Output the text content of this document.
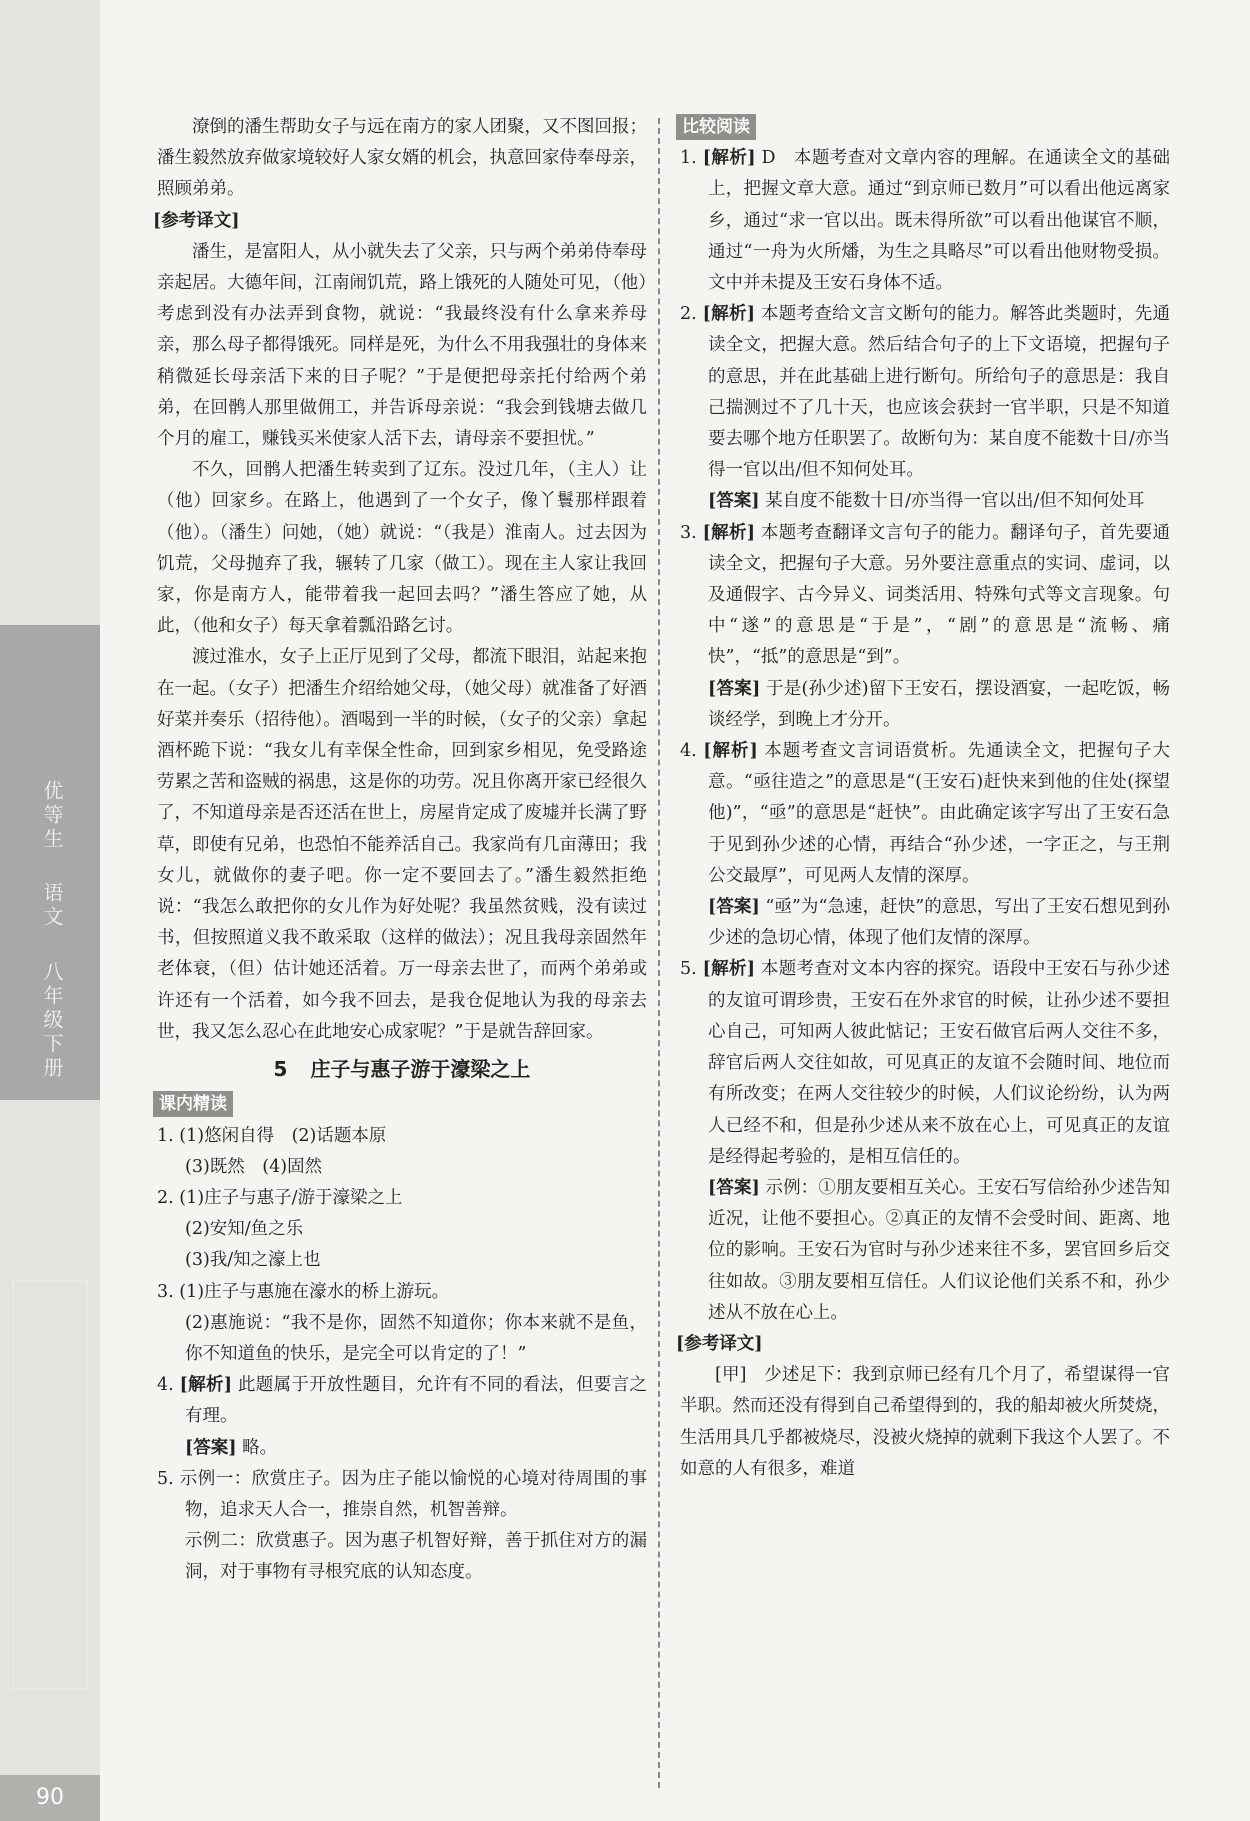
优等生 语文 八年级下册
90

潦倒的潘生帮助女子与远在南方的家人团聚，又不图回报；潘生毅然放弃做家境较好人家女婿的机会，执意回家侍奉母亲，照顾弟弟。

[参考译文]

潘生，是富阳人，从小就失去了父亲，只与两个弟弟侍奉母亲起居。大德年间，江南闹饥荒，路上饿死的人随处可见，（他）考虑到没有办法弄到食物，就说：“我最终没有什么拿来养母亲，那么母子都得饿死。同样是死，为什么不用我强壮的身体来稍微延长母亲活下来的日子呢？”于是便把母亲托付给两个弟弟，在回鹘人那里做佣工，并告诉母亲说：“我会到钱塘去做几个月的雇工，赚钱买米使家人活下去，请母亲不要担忧。”

不久，回鹘人把潘生转卖到了辽东。没过几年，（主人）让（他）回家乡。在路上，他遇到了一个女子，像丫鬟那样跟着（他）。（潘生）问她，（她）就说：“（我是）淮南人。过去因为饥荒，父母抛弃了我，辗转了几家（做工）。现在主人家让我回家，你是南方人，能带着我一起回去吗？”潘生答应了她，从此，（他和女子）每天拿着瓢沿路乞讨。

渡过淮水，女子上正厅见到了父母，都流下眼泪，站起来抱在一起。（女子）把潘生介绍给她父母，（她父母）就准备了好酒好菜并奏乐（招待他）。酒喝到一半的时候，（女子的父亲）拿起酒杯跪下说：“我女儿有幸保全性命，回到家乡相见，免受路途劳累之苦和盗贼的祸患，这是你的功劳。况且你离开家已经很久了，不知道母亲是否还活在世上，房屋肯定成了废墟并长满了野草，即使有兄弟，也恐怕不能养活自己。我家尚有几亩薄田；我女儿，就做你的妻子吧。你一定不要回去了。”潘生毅然拒绝说：“我怎么敢把你的女儿作为好处呢？我虽然贫贱，没有读过书，但按照道义我不敢采取（这样的做法）；况且我母亲固然年老体衰，（但）估计她还活着。万一母亲去世了，而两个弟弟或许还有一个活着，如今我不回去，是我仓促地认为我的母亲去世，我又怎么忍心在此地安心成家呢？”于是就告辞回家。

5 庄子与惠子游于濠梁之上
课内精读

1. (1)悠闲自得　(2)话题本原

(3)既然　(4)固然

2. (1)庄子与惠子/游于濠梁之上

(2)安知/鱼之乐

(3)我/知之濠上也

3. (1)庄子与惠施在濠水的桥上游玩。

(2)惠施说：“我不是你，固然不知道你；你本来就不是鱼，你不知道鱼的快乐，是完全可以肯定的了！”

4. [解析] 此题属于开放性题目，允许有不同的看法，但要言之有理。

[答案] 略。

5. 示例一：欣赏庄子。因为庄子能以愉悦的心境对待周围的事物，追求天人合一，推崇自然，机智善辩。

示例二：欣赏惠子。因为惠子机智好辩，善于抓住对方的漏洞，对于事物有寻根究底的认知态度。

比较阅读

1. [解析] D　本题考查对文章内容的理解。在通读全文的基础上，把握文章大意。通过“到京师已数月”可以看出他远离家乡，通过“求一官以出。既未得所欲”可以看出他谋官不顺，通过“一舟为火所燔，为生之具略尽”可以看出他财物受损。文中并未提及王安石身体不适。

2. [解析] 本题考查给文言文断句的能力。解答此类题时，先通读全文，把握大意。然后结合句子的上下文语境，把握句子的意思，并在此基础上进行断句。所给句子的意思是：我自己揣测过不了几十天，也应该会获封一官半职，只是不知道要去哪个地方任职罢了。故断句为：某自度不能数十日/亦当得一官以出/但不知何处耳。

[答案] 某自度不能数十日/亦当得一官以出/但不知何处耳

3. [解析] 本题考查翻译文言句子的能力。翻译句子，首先要通读全文，把握句子大意。另外要注意重点的实词、虚词，以及通假字、古今异义、词类活用、特殊句式等文言现象。句中“遂”的意思是“于是”，“剧”的意思是“流畅、痛快”，“抵”的意思是“到”。

[答案] 于是(孙少述)留下王安石，摆设酒宴，一起吃饭，畅谈经学，到晚上才分开。

4. [解析] 本题考查文言词语赏析。先通读全文，把握句子大意。“亟往造之”的意思是“(王安石)赶快来到他的住处(探望他)”，“亟”的意思是“赶快”。由此确定该字写出了王安石急于见到孙少述的心情，再结合“孙少述，一字正之，与王荆公交最厚”，可见两人友情的深厚。

[答案] “亟”为“急速，赶快”的意思，写出了王安石想见到孙少述的急切心情，体现了他们友情的深厚。

5. [解析] 本题考查对文本内容的探究。语段中王安石与孙少述的友谊可谓珍贵，王安石在外求官的时候，让孙少述不要担心自己，可知两人彼此惦记；王安石做官后两人交往不多，辞官后两人交往如故，可见真正的友谊不会随时间、地位而有所改变；在两人交往较少的时候，人们议论纷纷，认为两人已经不和，但是孙少述从来不放在心上，可见真正的友谊是经得起考验的，是相互信任的。

[答案] 示例：①朋友要相互关心。王安石写信给孙少述告知近况，让他不要担心。②真正的友情不会受时间、距离、地位的影响。王安石为官时与孙少述来往不多，罢官回乡后交往如故。③朋友要相互信任。人们议论他们关系不和，孙少述从不放在心上。

[参考译文]

[甲]　少述足下：我到京师已经有几个月了，希望谋得一官半职。然而还没有得到自己希望得到的，我的船却被火所焚烧，生活用具几乎都被烧尽，没被火烧掉的就剩下我这个人罢了。不如意的人有很多，难道
